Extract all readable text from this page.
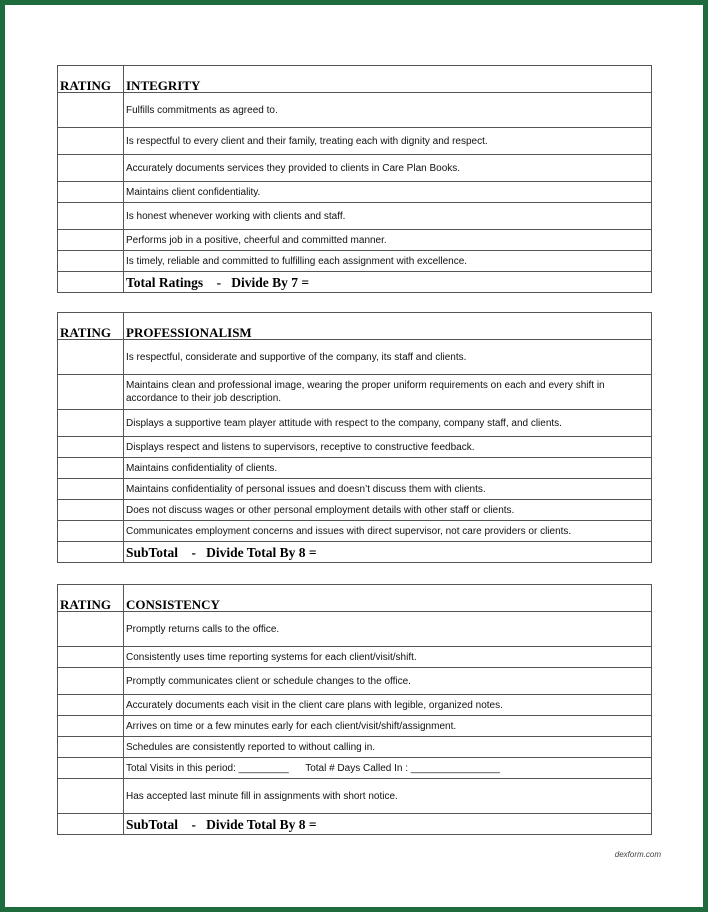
RATING	INTEGRITY
	Fulfills commitments as agreed to.
	Is respectful to every client and their family, treating each with dignity and respect.
	Accurately documents services they provided to clients in Care Plan Books.
	Maintains client confidentiality.
	Is honest whenever working with clients and staff.
	Performs job in a positive, cheerful and committed manner.
	Is timely, reliable and committed to fulfilling each assignment with excellence.
	Total Ratings    -   Divide By 7 =
RATING	PROFESSIONALISM
	Is respectful, considerate and supportive of the company, its staff and clients.
	Maintains clean and professional image, wearing the proper uniform requirements on each and every shift in accordance to their job description.
	Displays a supportive team player attitude with respect to the company, company staff, and clients.
	Displays respect and listens to supervisors, receptive to constructive feedback.
	Maintains confidentiality of clients.
	Maintains confidentiality of personal issues and doesn’t discuss them with clients.
	Does not discuss wages or other personal employment details with other staff or clients.
	Communicates employment concerns and issues with direct supervisor, not care providers or clients.
	SubTotal    -   Divide Total By 8 =
RATING	CONSISTENCY
	Promptly returns calls to the office.
	Consistently uses time reporting systems for each client/visit/shift.
	Promptly communicates client or schedule changes to the office.
	Accurately documents each visit in the client care plans with legible, organized notes.
	Arrives on time or a few minutes early for each client/visit/shift/assignment.
	Schedules are consistently reported to without calling in.
	Total Visits in this period: _________      Total # Days Called In : ________________
	Has accepted last minute fill in assignments with short notice.
	SubTotal    -   Divide Total By 8 =
dexform.com
